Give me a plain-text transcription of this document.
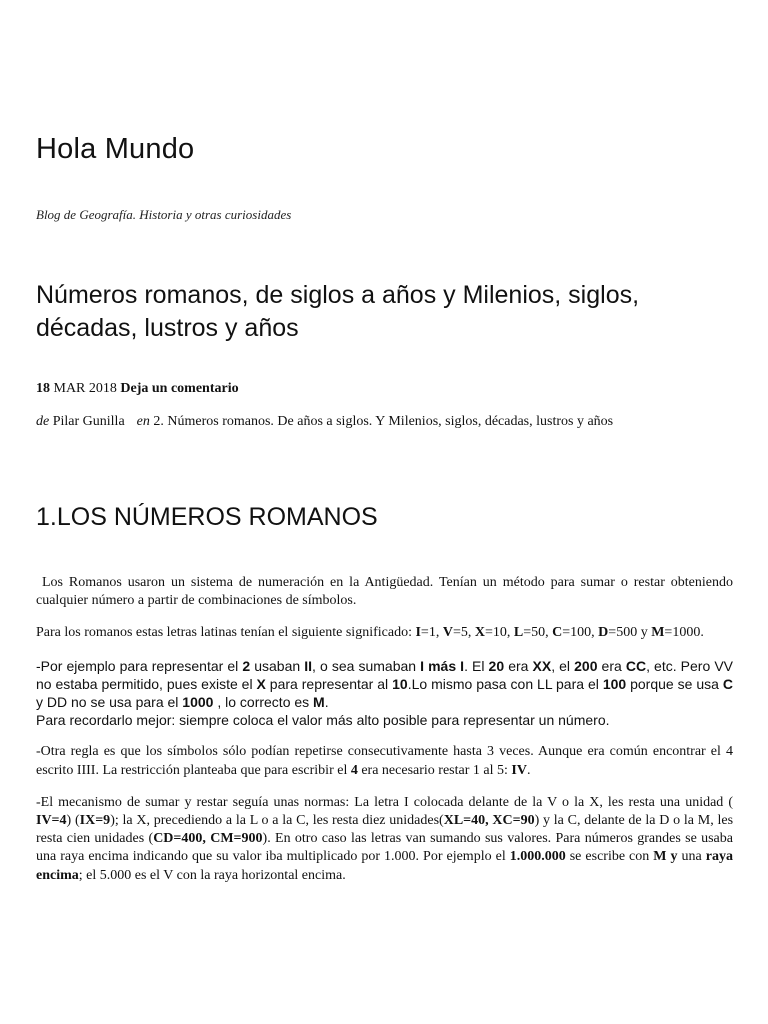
Hola Mundo

Blog de Geografía. Historia y otras curiosidades

Números romanos, de siglos a años y Milenios, siglos, décadas, lustros y años

18 MAR 2018 Deja un comentario

de Pilar Gunilla en 2. Números romanos. De años a siglos. Y Milenios, siglos, décadas, lustros y años

1.LOS NÚMEROS ROMANOS

Los Romanos usaron un sistema de numeración en la Antigüedad. Tenían un método para sumar o restar obteniendo cualquier número a partir de combinaciones de símbolos.

Para los romanos estas letras latinas tenían el siguiente significado: I=1, V=5, X=10, L=50, C=100, D=500 y M=1000.

-Por ejemplo para representar el 2 usaban II, o sea sumaban I más I. El 20 era XX, el 200 era CC, etc. Pero VV no estaba permitido, pues existe el X para representar al 10.Lo mismo pasa con LL para el 100 porque se usa C y DD no se usa para el 1000 , lo correcto es M.
Para recordarlo mejor: siempre coloca el valor más alto posible para representar un número.

-Otra regla es que los símbolos sólo podían repetirse consecutivamente hasta 3 veces. Aunque era común encontrar el 4 escrito IIII. La restricción planteaba que para escribir el 4 era necesario restar 1 al 5: IV.

-El mecanismo de sumar y restar seguía unas normas: La letra I colocada delante de la V o la X, les resta una unidad ( IV=4) (IX=9); la X, precediendo a la L o a la C, les resta diez unidades(XL=40, XC=90) y la C, delante de la D o la M, les resta cien unidades (CD=400, CM=900). En otro caso las letras van sumando sus valores. Para números grandes se usaba una raya encima indicando que su valor iba multiplicado por 1.000. Por ejemplo el 1.000.000 se escribe con M y una raya encima; el 5.000 es el V con la raya horizontal encima.
